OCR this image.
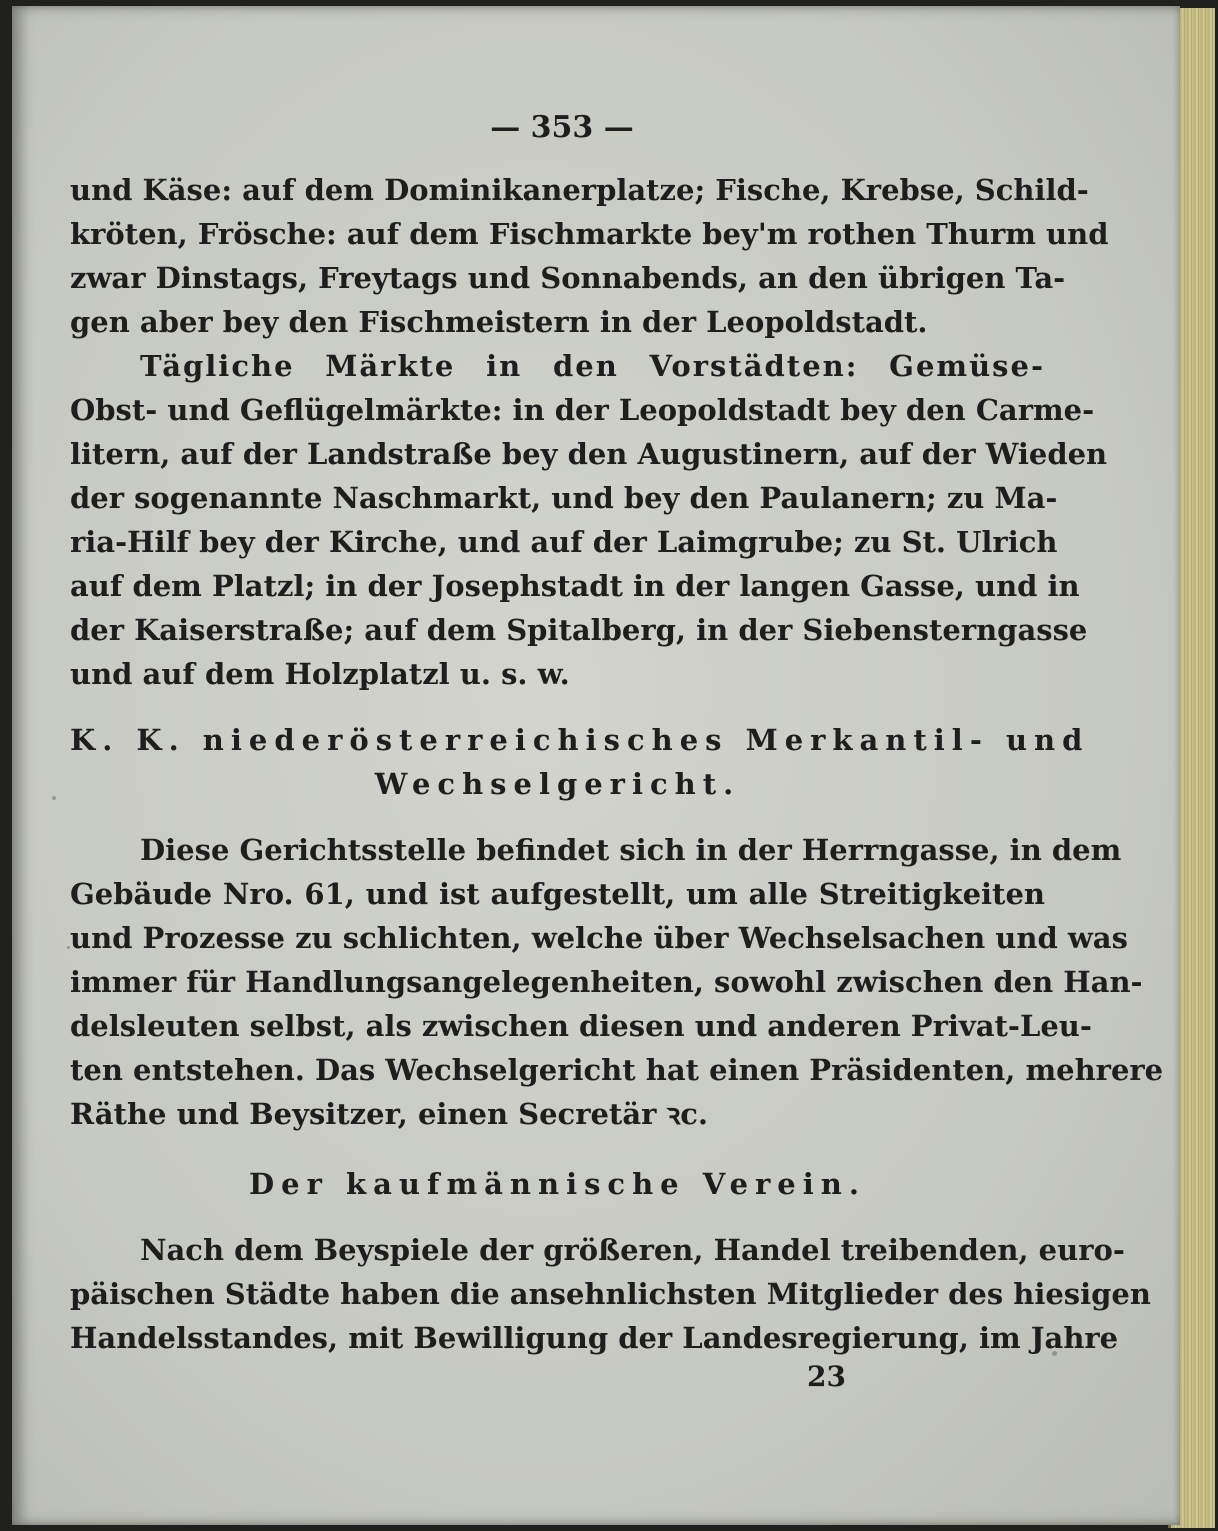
— 353 —
und Käse: auf dem Dominikanerplatze; Fische, Krebse, Schild-
kröten, Frösche: auf dem Fischmarkte bey'm rothen Thurm und
zwar Dinstags, Freytags und Sonnabends, an den übrigen Ta-
gen aber bey den Fischmeistern in der Leopoldstadt.
Tägliche Märkte in den Vorstädten: Gemüse-
Obst- und Geflügelmärkte: in der Leopoldstadt bey den Carme-
litern, auf der Landstraße bey den Augustinern, auf der Wieden
der sogenannte Naschmarkt, und bey den Paulanern; zu Ma-
ria-Hilf bey der Kirche, und auf der Laimgrube; zu St. Ulrich
auf dem Platzl; in der Josephstadt in der langen Gasse, und in
der Kaiserstraße; auf dem Spitalberg, in der Siebensterngasse
und auf dem Holzplatzl u. s. w.
K. K. niederösterreichisches Merkantil- und
Wechselgericht.
Diese Gerichtsstelle befindet sich in der Herrngasse, in dem
Gebäude Nro. 61, und ist aufgestellt, um alle Streitigkeiten
und Prozesse zu schlichten, welche über Wechselsachen und was
immer für Handlungsangelegenheiten, sowohl zwischen den Han-
delsleuten selbst, als zwischen diesen und anderen Privat-Leu-
ten entstehen. Das Wechselgericht hat einen Präsidenten, mehrere
Räthe und Beysitzer, einen Secretär ꝛc.
Der kaufmännische Verein.
Nach dem Beyspiele der größeren, Handel treibenden, euro-
päischen Städte haben die ansehnlichsten Mitglieder des hiesigen
Handelsstandes, mit Bewilligung der Landesregierung, im Jahre
23
